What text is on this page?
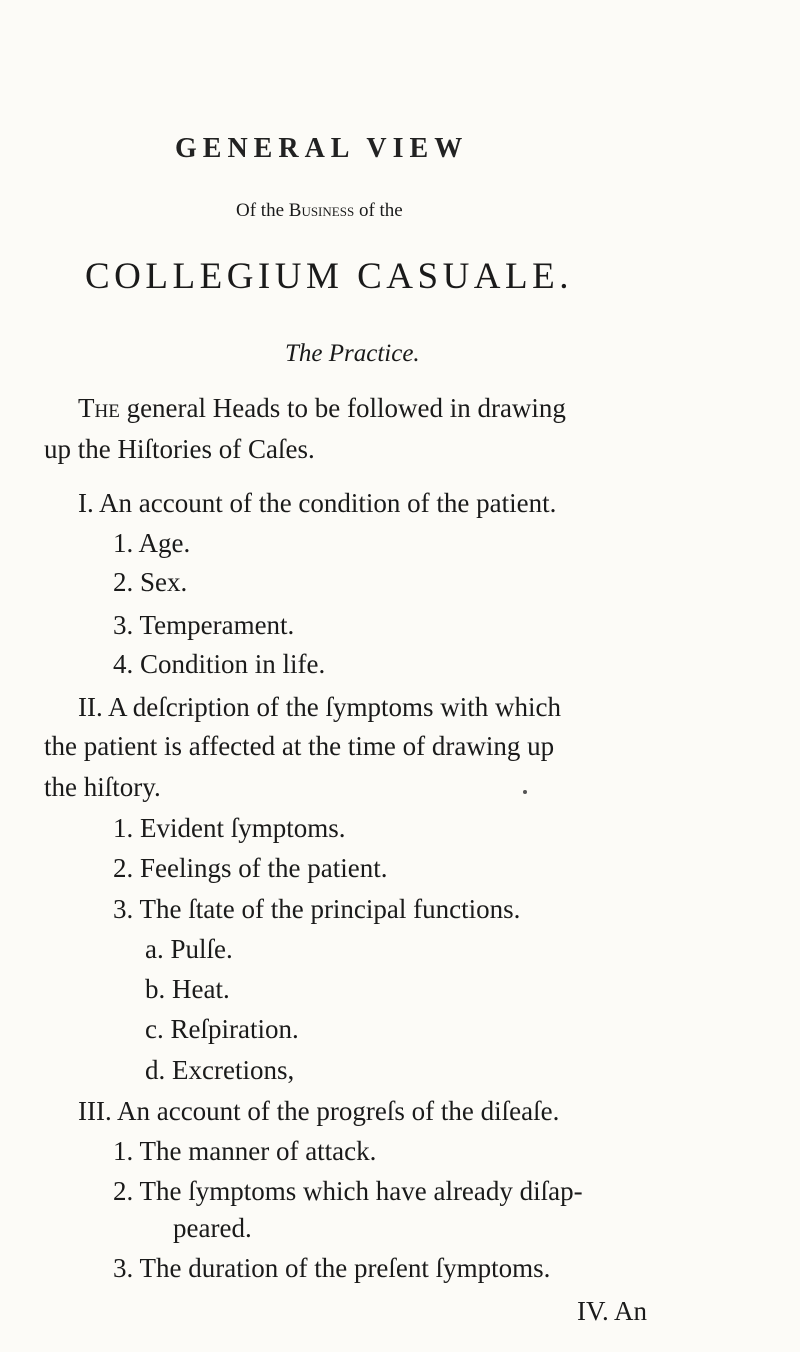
GENERAL VIEW
Of the Business of the
COLLEGIUM CASUALE.
The Practice.
The general Heads to be followed in drawing
up the Hiſtories of Caſes.
I. An account of the condition of the patient.
1. Age.
2. Sex.
3. Temperament.
4. Condition in life.
II. A deſcription of the ſymptoms with which
the patient is affected at the time of drawing up
the hiſtory.
1. Evident ſymptoms.
2. Feelings of the patient.
3. The ſtate of the principal functions.
a. Pulſe.
b. Heat.
c. Reſpiration.
d. Excretions,
III. An account of the progreſs of the diſeaſe.
1. The manner of attack.
2. The ſymptoms which have already diſap-
peared.
3. The duration of the preſent ſymptoms.
IV. An
